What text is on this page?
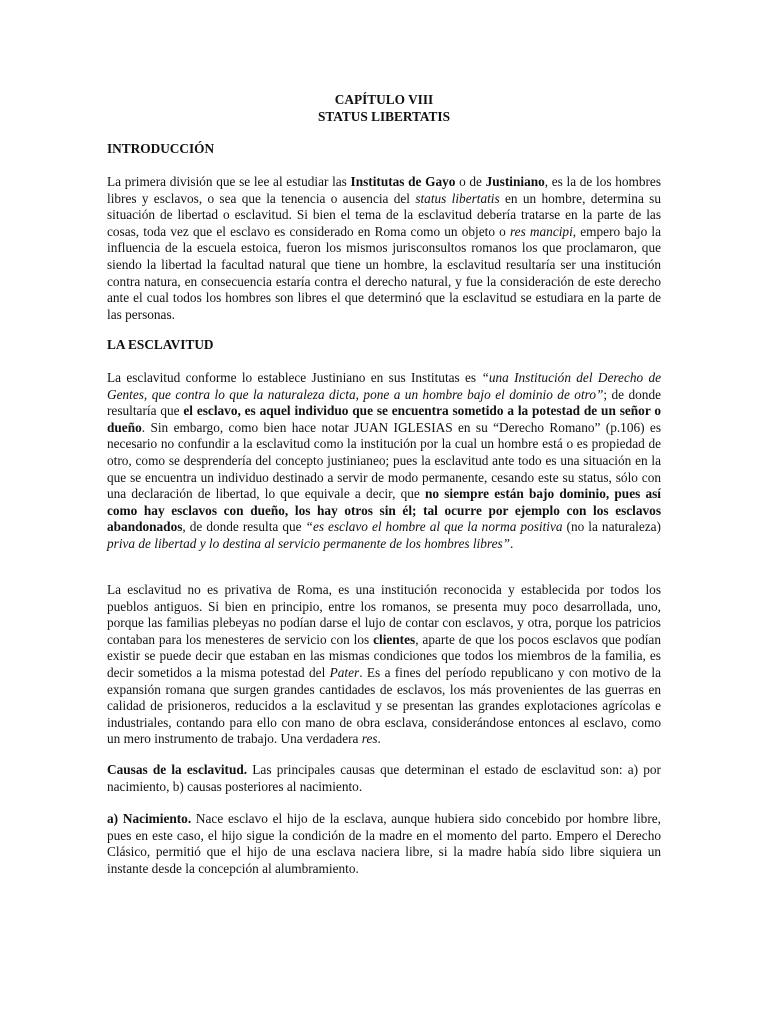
CAPÍTULO VIII
STATUS LIBERTATIS
INTRODUCCIÓN

La primera división que se lee al estudiar las Institutas de Gayo o de Justiniano, es la de los hombres libres y esclavos, o sea que la tenencia o ausencia del status libertatis en un hombre, determina su situación de libertad o esclavitud. Si bien el tema de la esclavitud debería tratarse en la parte de las cosas, toda vez que el esclavo es considerado en Roma como un objeto o res mancipi, empero bajo la influencia de la escuela estoica, fueron los mismos jurisconsultos romanos los que proclamaron, que siendo la libertad la facultad natural que tiene un hombre, la esclavitud resultaría ser una institución contra natura, en consecuencia estaría contra el derecho natural, y fue la consideración de este derecho ante el cual todos los hombres son libres el que determinó que la esclavitud se estudiara en la parte de las personas.

LA ESCLAVITUD

La esclavitud conforme lo establece Justiniano en sus Institutas es “una Institución del Derecho de Gentes, que contra lo que la naturaleza dicta, pone a un hombre bajo el dominio de otro”; de donde resultaría que el esclavo, es aquel individuo que se encuentra sometido a la potestad de un señor o dueño. Sin embargo, como bien hace notar JUAN IGLESIAS en su “Derecho Romano” (p.106) es necesario no confundir a la esclavitud como la institución por la cual un hombre está o es propiedad de otro, como se desprendería del concepto justinianeo; pues la esclavitud ante todo es una situación en la que se encuentra un individuo destinado a servir de modo permanente, cesando este su status, sólo con una declaración de libertad, lo que equivale a decir, que no siempre están bajo dominio, pues así como hay esclavos con dueño, los hay otros sin él; tal ocurre por ejemplo con los esclavos abandonados, de donde resulta que “es esclavo el hombre al que la norma positiva (no la naturaleza) priva de libertad y lo destina al servicio permanente de los hombres libres”.

La esclavitud no es privativa de Roma, es una institución reconocida y establecida por todos los pueblos antiguos. Si bien en principio, entre los romanos, se presenta muy poco desarrollada, uno, porque las familias plebeyas no podían darse el lujo de contar con esclavos, y otra, porque los patricios contaban para los menesteres de servicio con los clientes, aparte de que los pocos esclavos que podían existir se puede decir que estaban en las mismas condiciones que todos los miembros de la familia, es decir sometidos a la misma potestad del Pater. Es a fines del período republicano y con motivo de la expansión romana que surgen grandes cantidades de esclavos, los más provenientes de las guerras en calidad de prisioneros, reducidos a la esclavitud y se presentan las grandes explotaciones agrícolas e industriales, contando para ello con mano de obra esclava, considerándose entonces al esclavo, como un mero instrumento de trabajo. Una verdadera res.

Causas de la esclavitud. Las principales causas que determinan el estado de esclavitud son: a) por nacimiento, b) causas posteriores al nacimiento.

a) Nacimiento. Nace esclavo el hijo de la esclava, aunque hubiera sido concebido por hombre libre, pues en este caso, el hijo sigue la condición de la madre en el momento del parto. Empero el Derecho Clásico, permitió que el hijo de una esclava naciera libre, si la madre había sido libre siquiera un instante desde la concepción al alumbramiento.
